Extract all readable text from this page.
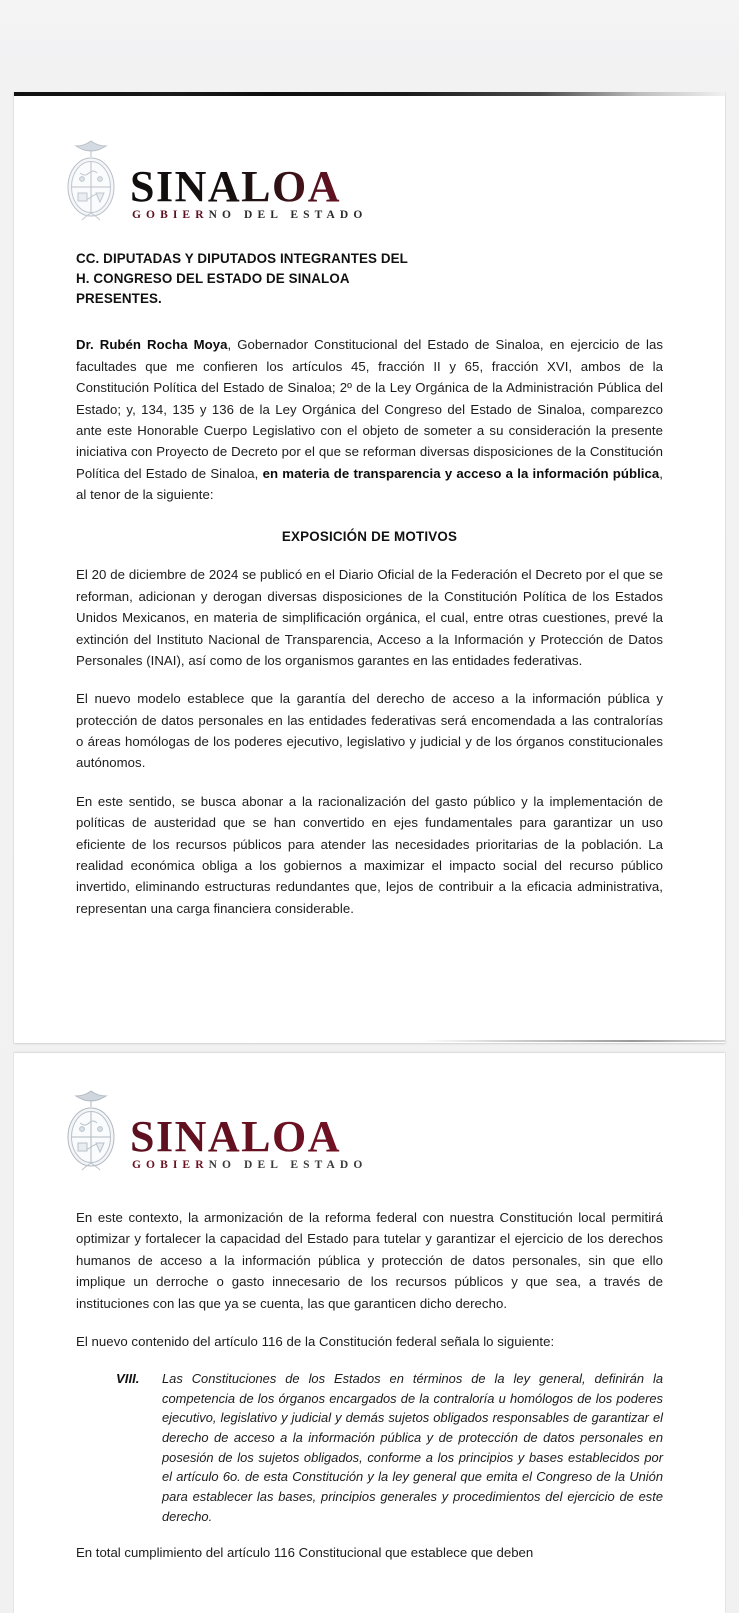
SINALOA
GOBIERNO DEL ESTADO
CC. DIPUTADAS Y DIPUTADOS INTEGRANTES DEL
H. CONGRESO DEL ESTADO DE SINALOA
PRESENTES.

Dr. Rubén Rocha Moya, Gobernador Constitucional del Estado de Sinaloa, en ejercicio de las facultades que me confieren los artículos 45, fracción II y 65, fracción XVI, ambos de la Constitución Política del Estado de Sinaloa; 2º de la Ley Orgánica de la Administración Pública del Estado; y, 134, 135 y 136 de la Ley Orgánica del Congreso del Estado de Sinaloa, comparezco ante este Honorable Cuerpo Legislativo con el objeto de someter a su consideración la presente iniciativa con Proyecto de Decreto por el que se reforman diversas disposiciones de la Constitución Política del Estado de Sinaloa, en materia de transparencia y acceso a la información pública, al tenor de la siguiente:

EXPOSICIÓN DE MOTIVOS

El 20 de diciembre de 2024 se publicó en el Diario Oficial de la Federación el Decreto por el que se reforman, adicionan y derogan diversas disposiciones de la Constitución Política de los Estados Unidos Mexicanos, en materia de simplificación orgánica, el cual, entre otras cuestiones, prevé la extinción del Instituto Nacional de Transparencia, Acceso a la Información y Protección de Datos Personales (INAI), así como de los organismos garantes en las entidades federativas.

El nuevo modelo establece que la garantía del derecho de acceso a la información pública y protección de datos personales en las entidades federativas será encomendada a las contralorías o áreas homólogas de los poderes ejecutivo, legislativo y judicial y de los órganos constitucionales autónomos.

En este sentido, se busca abonar a la racionalización del gasto público y la implementación de políticas de austeridad que se han convertido en ejes fundamentales para garantizar un uso eficiente de los recursos públicos para atender las necesidades prioritarias de la población. La realidad económica obliga a los gobiernos a maximizar el impacto social del recurso público invertido, eliminando estructuras redundantes que, lejos de contribuir a la eficacia administrativa, representan una carga financiera considerable.

SINALOA
GOBIERNO DEL ESTADO

En este contexto, la armonización de la reforma federal con nuestra Constitución local permitirá optimizar y fortalecer la capacidad del Estado para tutelar y garantizar el ejercicio de los derechos humanos de acceso a la información pública y protección de datos personales, sin que ello implique un derroche o gasto innecesario de los recursos públicos y que sea, a través de instituciones con las que ya se cuenta, las que garanticen dicho derecho.

El nuevo contenido del artículo 116 de la Constitución federal señala lo siguiente:

VIII.	Las Constituciones de los Estados en términos de la ley general, definirán la competencia de los órganos encargados de la contraloría u homólogos de los poderes ejecutivo, legislativo y judicial y demás sujetos obligados responsables de garantizar el derecho de acceso a la información pública y de protección de datos personales en posesión de los sujetos obligados, conforme a los principios y bases establecidos por el artículo 6o. de esta Constitución y la ley general que emita el Congreso de la Unión para establecer las bases, principios generales y procedimientos del ejercicio de este derecho.

En total cumplimiento del artículo 116 Constitucional que establece que deben
